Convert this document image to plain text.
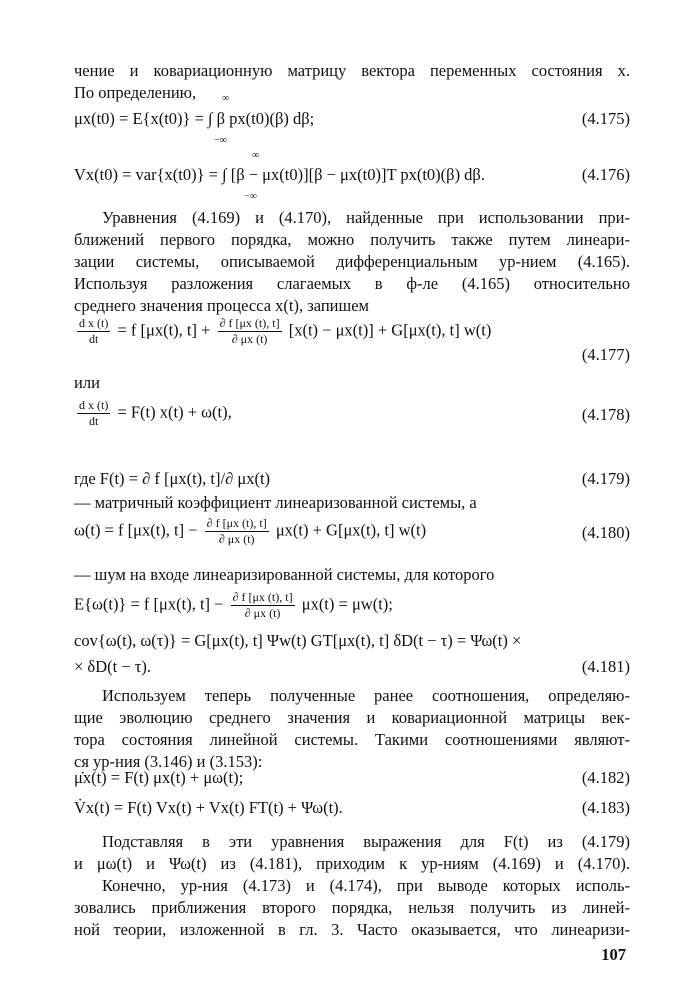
чение и ковариационную матрицу вектора переменных состояния x.
По определению,
μx(t0) = E{x(t0)} = ∫ β px(t0)(β) dβ;	(4.175)
∞
−∞
Vx(t0) = var{x(t0)} = ∫ [β − μx(t0)][β − μx(t0)]T px(t0)(β) dβ.	(4.176)
∞
−∞
Уравнения (4.169) и (4.170), найденные при использовании при-
ближений первого порядка, можно получить также путем линеари-
зации системы, описываемой дифференциальным ур-нием (4.165).
Используя разложения слагаемых в ф-ле (4.165) относительно
среднего значения процесса x(t), запишем
$\frac{\text{d x (t)}}{dt} = f$ [μx(t), $t] + \frac{\partial f [\mu x (t), t]}{\partial \mu x (t)} [x(t) - \mu x(t)] + G[\mu x(t)$, t] w(t)
(4.177)
или
$\frac{\text{d x (t)}}{dt} = F(t) x(t) + \omega(t)$,	(4.178)
где F(t) = ∂ f [μx(t), t]/∂ μx(t)	(4.179)
— матричный коэффициент линеаризованной системы, а
ω(t) = f [μx(t), $t] - \frac{\partial f [\mu x (t), t]}{\partial \mu x (t)} \mu x(t) + G[\mu x(t)$, t] w(t)	(4.180)
— шум на входе линеаризированной системы, для которого
E{ω(t)} = f [μx(t), $t] - \frac{\partial f [\mu x (t), t]}{\partial \mu x (t)} \mu x(t) = \mu w(t)$;
cov{ω(t), ω(τ)} = G[μx(t), t] Ψw(t) GT[μx(t), t] δD(t − τ) = Ψω(t) ×
× δD(t − τ).	(4.181)
Используем теперь полученные ранее соотношения, определяю-
щие эволюцию среднего значения и ковариационной матрицы век-
тора состояния линейной системы. Такими соотношениями являют-
ся ур-ния (3.146) и (3.153):
μ̇x(t) = F(t) μx(t) + μω(t);	(4.182)
V̇x(t) = F(t) Vx(t) + Vx(t) FT(t) + Ψω(t).	(4.183)
Подставляя в эти уравнения выражения для F(t) из (4.179)
и μω(t) и Ψω(t) из (4.181), приходим к ур-ниям (4.169) и (4.170).
Конечно, ур-ния (4.173) и (4.174), при выводе которых исполь-
зовались приближения второго порядка, нельзя получить из линей-
ной теории, изложенной в гл. 3. Часто оказывается, что линеаризи-
107
